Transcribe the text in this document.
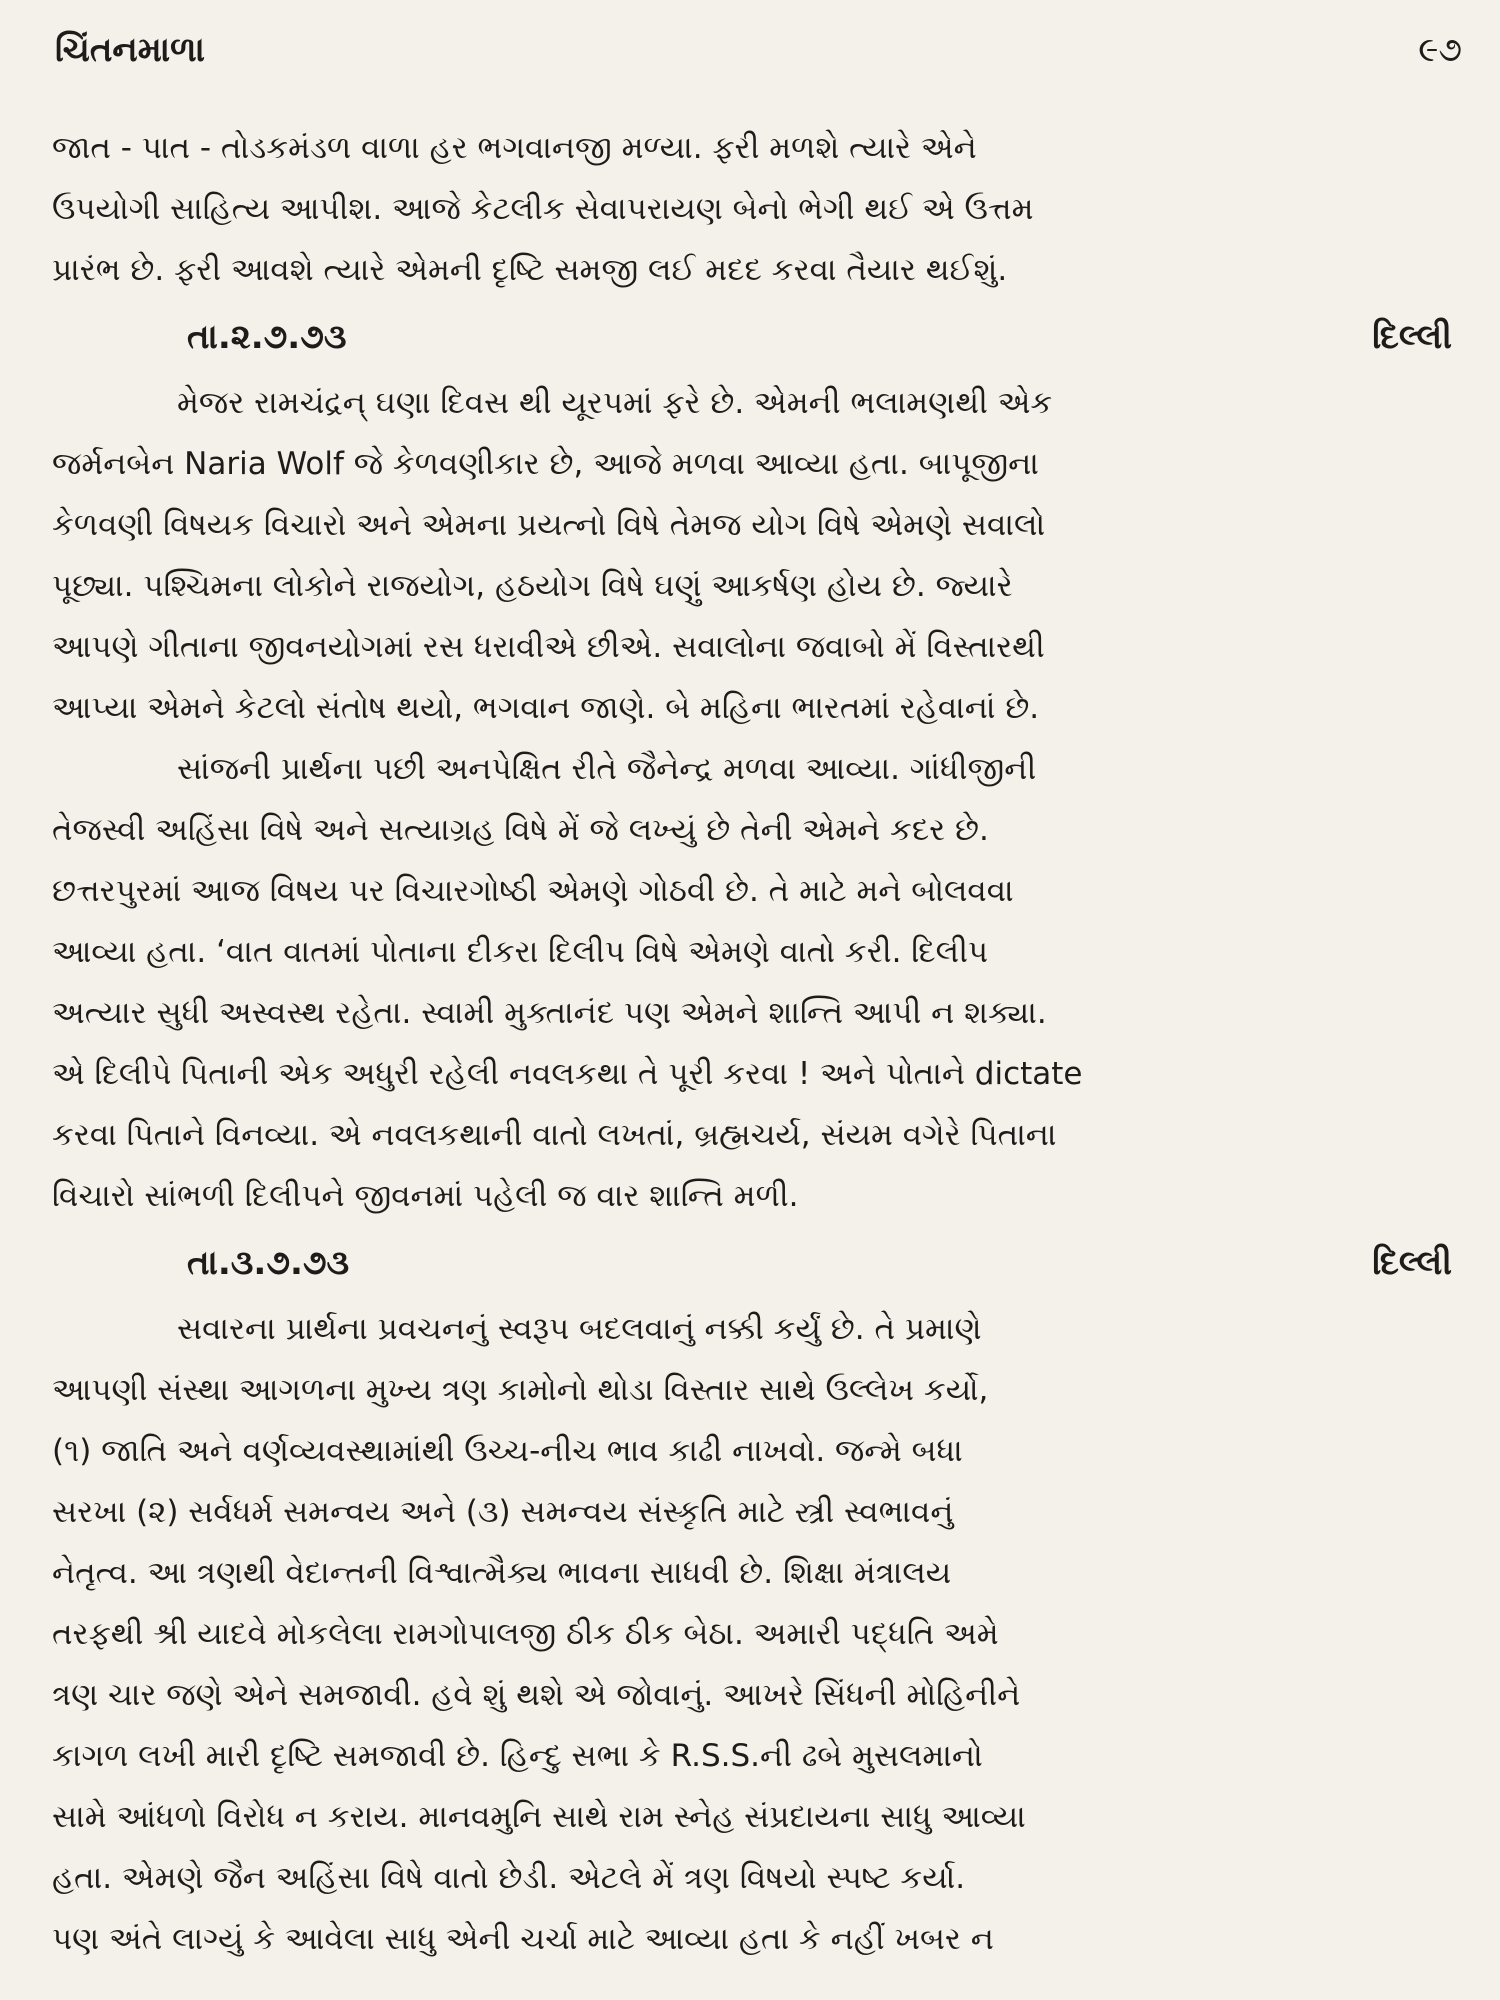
ચિંતનમાળા	૯૭
જાત - પાત - તોડકમંડળ વાળા હર ભગવાનજી મળ્યા. ફરી મળશે ત્યારે એને
ઉપયોગી સાહિત્ય આપીશ. આજે કેટલીક સેવાપરાયણ બેનો ભેગી થઈ એ ઉત્તમ
પ્રારંભ છે. ફરી આવશે ત્યારે એમની દૃષ્ટિ સમજી લઈ મદદ કરવા તૈયાર થઈશું.
તા.૨.૭.૭૩	દિલ્લી
મેજર રામચંદ્રન્ ઘણા દિવસ થી યૂરપમાં ફરે છે. એમની ભલામણથી એક
જર્મનબેન Naria Wolf જે કેળવણીકાર છે, આજે મળવા આવ્યા હતા. બાપૂજીના
કેળવણી વિષયક વિચારો અને એમના પ્રયત્નો વિષે તેમજ યોગ વિષે એમણે સવાલો
પૂછ્યા. પશ્ચિમના લોકોને રાજયોગ, હઠયોગ વિષે ઘણું આકર્ષણ હોય છે. જ્યારે
આપણે ગીતાના જીવનયોગમાં રસ ધરાવીએ છીએ. સવાલોના જવાબો મેં વિસ્તારથી
આપ્યા એમને કેટલો સંતોષ થયો, ભગવાન જાણે. બે મહિના ભારતમાં રહેવાનાં છે.
સાંજની પ્રાર્થના પછી અનપેક્ષિત રીતે જૈનેન્દ્ર મળવા આવ્યા. ગાંધીજીની
તેજસ્વી અહિંસા વિષે અને સત્યાગ્રહ વિષે મેં જે લખ્યું છે તેની એમને કદર છે.
છત્તરપુરમાં આજ વિષય પર વિચારગોષ્ઠી એમણે ગોઠવી છે. તે માટે મને બોલવવા
આવ્યા હતા. ‘વાત વાતમાં પોતાના દીકરા દિલીપ વિષે એમણે વાતો કરી. દિલીપ
અત્યાર સુધી અસ્વસ્થ રહેતા. સ્વામી મુક્તાનંદ પણ એમને શાન્તિ આપી ન શક્યા.
એ દિલીપે પિતાની એક અધુરી રહેલી નવલકથા તે પૂરી કરવા ! અને પોતાને dictate
કરવા પિતાને વિનવ્યા. એ નવલકથાની વાતો લખતાં, બ્રહ્મચર્ય, સંયમ વગેરે પિતાના
વિચારો સાંભળી દિલીપને જીવનમાં પહેલી જ વાર શાન્તિ મળી.
તા.૩.૭.૭૩	દિલ્લી
સવારના પ્રાર્થના પ્રવચનનું સ્વરૂપ બદલવાનું નક્કી કર્યું છે. તે પ્રમાણે
આપણી સંસ્થા આગળના મુખ્ય ત્રણ કામોનો થોડા વિસ્તાર સાથે ઉલ્લેખ કર્યો,
(૧) જાતિ અને વર્ણવ્યવસ્થામાંથી ઉચ્ચ-નીચ ભાવ કાઢી નાખવો. જન્મે બધા
સરખા (૨) સર્વધર્મ સમન્વય અને (૩) સમન્વય સંસ્કૃતિ માટે સ્ત્રી સ્વભાવનું
નેતૃત્વ. આ ત્રણથી વેદાન્તની વિશ્વાત્મૈક્ય ભાવના સાધવી છે. શિક્ષા મંત્રાલય
તરફથી શ્રી યાદવે મોકલેલા રામગોપાલજી ઠીક ઠીક બેઠા. અમારી પદ્ધતિ અમે
ત્રણ ચાર જણે એને સમજાવી. હવે શું થશે એ જોવાનું. આખરે સિંધની મોહિનીને
કાગળ લખી મારી દૃષ્ટિ સમજાવી છે. હિન્દુ સભા કે R.S.S.ની ઢબે મુસલમાનો
સામે આંધળો વિરોધ ન કરાય. માનવમુનિ સાથે રામ સ્નેહ સંપ્રદાયના સાધુ આવ્યા
હતા. એમણે જૈન અહિંસા વિષે વાતો છેડી. એટલે મેં ત્રણ વિષયો સ્પષ્ટ કર્યા.
પણ અંતે લાગ્યું કે આવેલા સાધુ એની ચર્ચા માટે આવ્યા હતા કે નહીં ખબર ન
